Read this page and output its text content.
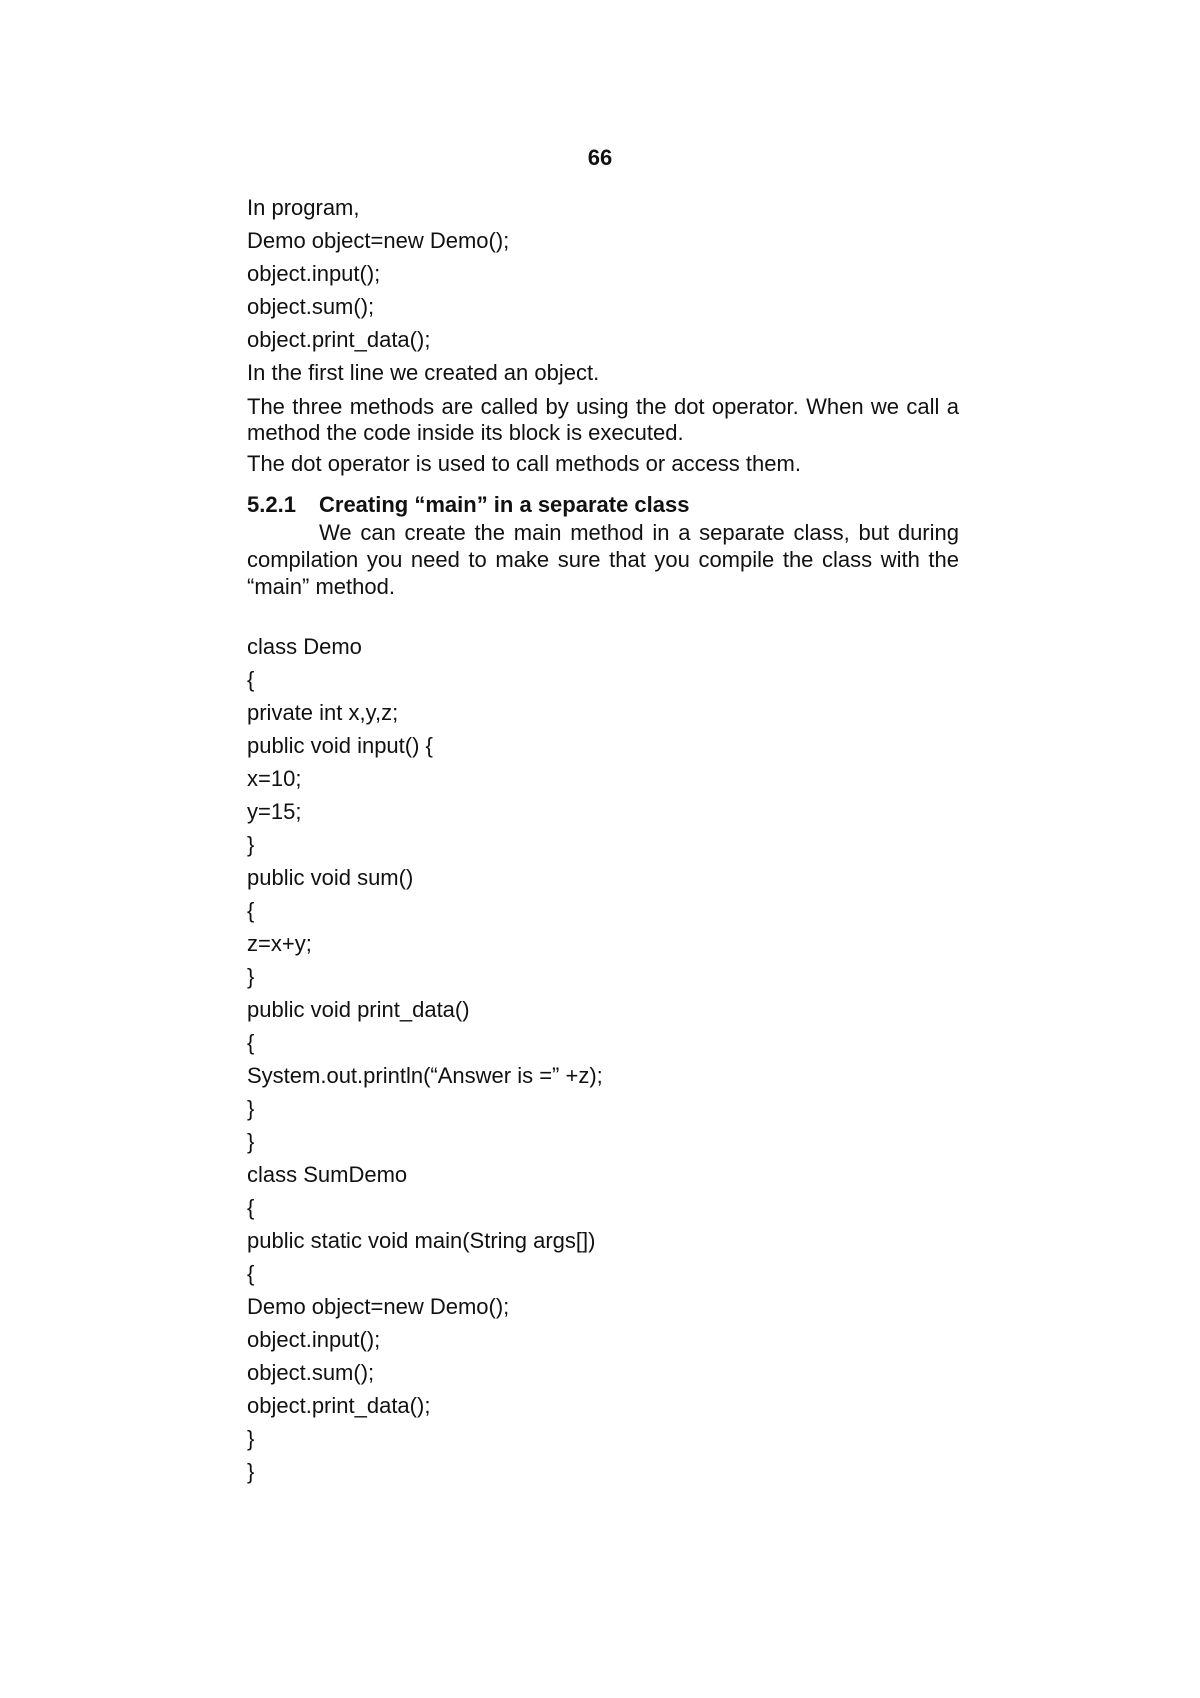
66
In program,
Demo object=new Demo();
object.input();
object.sum();
object.print_data();
In the first line we created an object.
The three methods are called by using the dot operator. When we call a method the code inside its block is executed.
The dot operator is used to call methods or access them.
5.2.1 Creating “main” in a separate class
We can create the main method in a separate class, but during compilation you need to make sure that you compile the class with the “main” method.
class Demo
{
private int x,y,z;
public void input() {
x=10;
y=15;
}
public void sum()
{
z=x+y;
}
public void print_data()
{
System.out.println(“Answer is =” +z);
}
}
class SumDemo
{
public static void main(String args[])
{
Demo object=new Demo();
object.input();
object.sum();
object.print_data();
}
}
